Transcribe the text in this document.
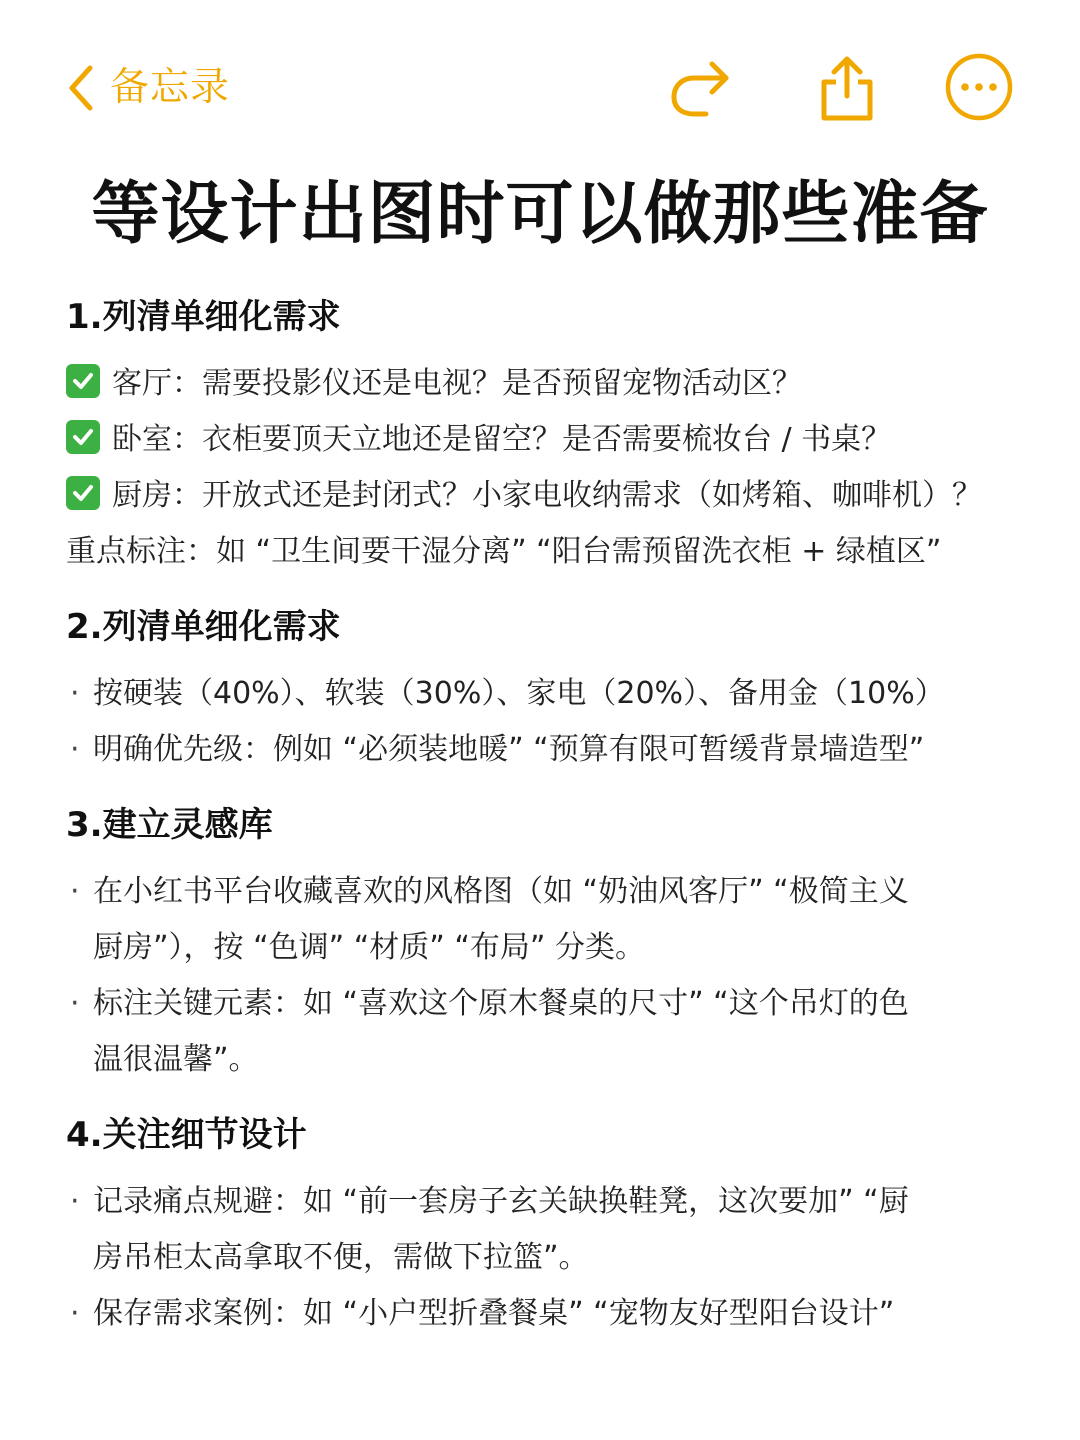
备忘录
等设计出图时可以做那些准备
1.列清单细化需求
客厅：需要投影仪还是电视？是否预留宠物活动区？
卧室：衣柜要顶天立地还是留空？是否需要梳妆台 / 书桌？
厨房：开放式还是封闭式？小家电收纳需求（如烤箱、咖啡机）？
重点标注：如 “卫生间要干湿分离” “阳台需预留洗衣柜 + 绿植区”
2.列清单细化需求
· 按硬装（40%）、软装（30%）、家电（20%）、备用金（10%）
· 明确优先级：例如 “必须装地暖” “预算有限可暂缓背景墙造型”
3.建立灵感库
· 在小红书平台收藏喜欢的风格图（如 “奶油风客厅” “极简主义
厨房”），按 “色调” “材质” “布局” 分类。
· 标注关键元素：如 “喜欢这个原木餐桌的尺寸” “这个吊灯的色
温很温馨”。
4.关注细节设计
· 记录痛点规避：如 “前一套房子玄关缺换鞋凳，这次要加” “厨
房吊柜太高拿取不便，需做下拉篮”。
· 保存需求案例：如 “小户型折叠餐桌” “宠物友好型阳台设计”
